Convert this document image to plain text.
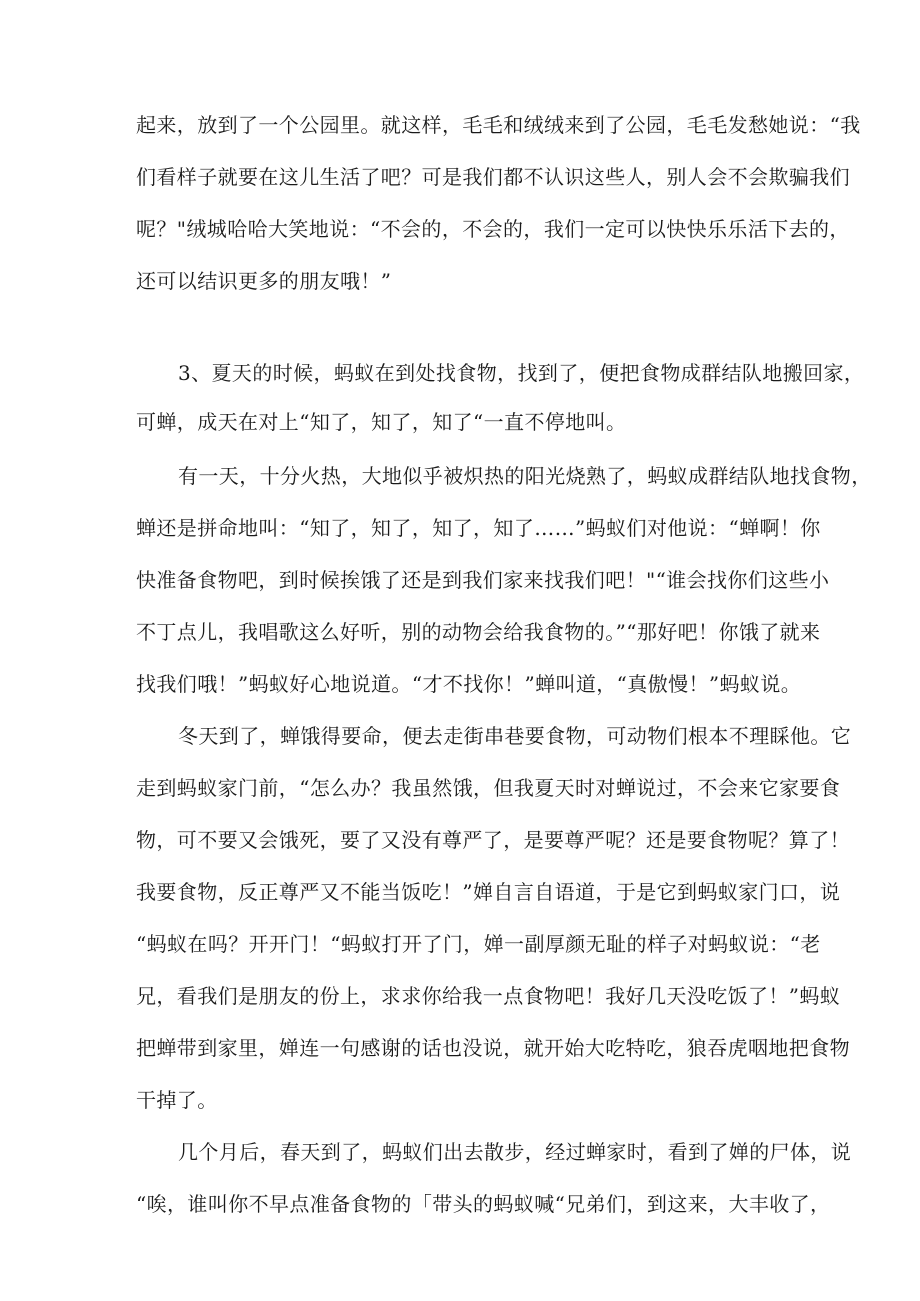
起来，放到了一个公园里。就这样，毛毛和绒绒来到了公园，毛毛发愁她说：“我
们看样子就要在这儿生活了吧？可是我们都不认识这些人，别人会不会欺骗我们
呢？"绒城哈哈大笑地说：“不会的，不会的，我们一定可以快快乐乐活下去的，
还可以结识更多的朋友哦！”
3、夏天的时候，蚂蚁在到处找食物，找到了，便把食物成群结队地搬回家，
可蝉，成天在对上“知了，知了，知了“一直不停地叫。
有一天，十分火热，大地似乎被炽热的阳光烧熟了，蚂蚁成群结队地找食物，
蝉还是拼命地叫：“知了，知了，知了，知了……”蚂蚁们对他说：“蝉啊！你
快准备食物吧，到时候挨饿了还是到我们家来找我们吧！"“谁会找你们这些小
不丁点儿，我唱歌这么好听，别的动物会给我食物的。”“那好吧！你饿了就来
找我们哦！”蚂蚁好心地说道。“才不找你！”蝉叫道，“真傲慢！”蚂蚁说。
冬天到了，蝉饿得要命，便去走街串巷要食物，可动物们根本不理睬他。它
走到蚂蚁家门前，“怎么办？我虽然饿，但我夏天时对蝉说过，不会来它家要食
物，可不要又会饿死，要了又没有尊严了，是要尊严呢？还是要食物呢？算了！
我要食物，反正尊严又不能当饭吃！”婵自言自语道，于是它到蚂蚁家门口，说
“蚂蚁在吗？开开门！“蚂蚁打开了门，婵一副厚颜无耻的样子对蚂蚁说：“老
兄，看我们是朋友的份上，求求你给我一点食物吧！我好几天没吃饭了！”蚂蚁
把蝉带到家里，婵连一句感谢的话也没说，就开始大吃特吃，狼吞虎咽地把食物
干掉了。
几个月后，春天到了，蚂蚁们出去散步，经过蝉家时，看到了婵的尸体，说
“唉，谁叫你不早点准备食物的「带头的蚂蚁喊“兄弟们，到这来，大丰收了，
